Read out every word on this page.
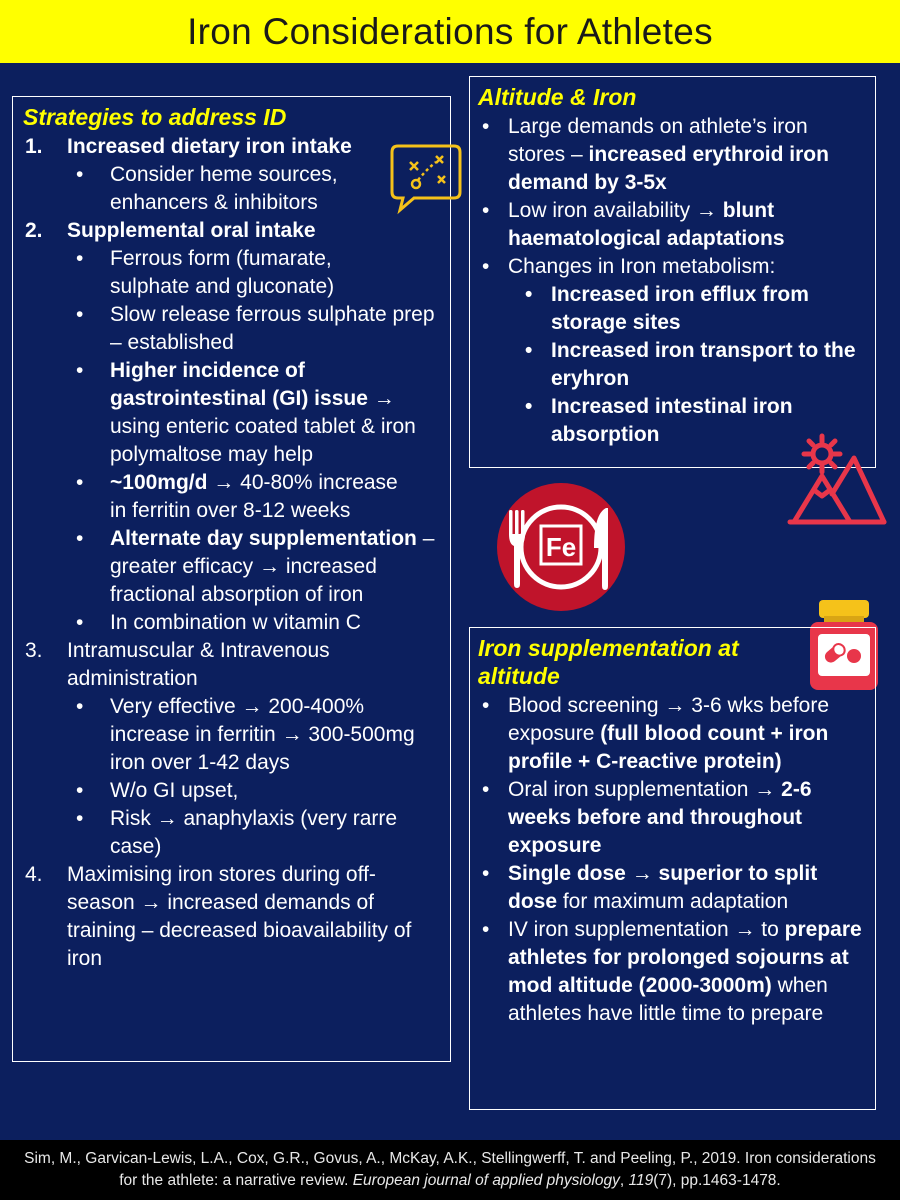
Iron Considerations for Athletes
Strategies to address ID
1. Increased dietary iron intake
• Consider heme sources, enhancers & inhibitors
2. Supplemental oral intake
• Ferrous form (fumarate, sulphate and gluconate)
• Slow release ferrous sulphate prep – established
• Higher incidence of gastrointestinal (GI) issue → using enteric coated tablet & iron polymaltose may help
• ~100mg/d → 40-80% increase in ferritin over 8-12 weeks
• Alternate day supplementation – greater efficacy → increased fractional absorption of iron
• In combination w vitamin C
3. Intramuscular & Intravenous administration
• Very effective → 200-400% increase in ferritin → 300-500mg iron over 1-42 days
• W/o GI upset,
• Risk → anaphylaxis (very rarre case)
4. Maximising iron stores during off-season → increased demands of training – decreased bioavailability of iron
Altitude & Iron
• Large demands on athlete’s iron stores – increased erythroid iron demand by 3-5x
• Low iron availability → blunt haematological adaptations
• Changes in Iron metabolism:
• Increased iron efflux from storage sites
• Increased iron transport to the eryhron
• Increased intestinal iron absorption
Fe
Iron supplementation at altitude
• Blood screening → 3-6 wks before exposure (full blood count + iron profile + C-reactive protein)
• Oral iron supplementation → 2-6 weeks before and throughout exposure
• Single dose → superior to split dose for maximum adaptation
• IV iron supplementation → to prepare athletes for prolonged sojourns at mod altitude (2000-3000m) when athletes have little time to prepare
Sim, M., Garvican-Lewis, L.A., Cox, G.R., Govus, A., McKay, A.K., Stellingwerff, T. and Peeling, P., 2019. Iron considerations for the athlete: a narrative review. European journal of applied physiology, 119(7), pp.1463-1478.
